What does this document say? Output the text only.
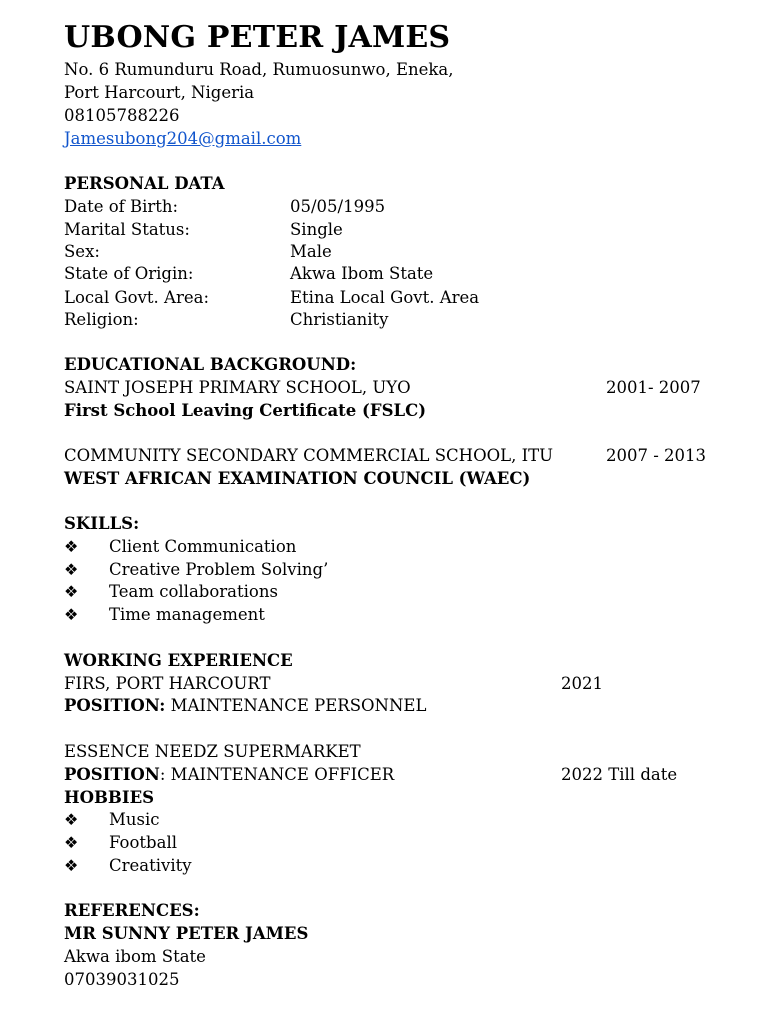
UBONG PETER JAMES
No. 6 Rumunduru Road, Rumuosunwo, Eneka,
Port Harcourt, Nigeria
08105788226
Jamesubong204@gmail.com
PERSONAL DATA
Date of Birth:	05/05/1995
Marital Status:	Single
Sex:	Male
State of Origin:	Akwa Ibom State
Local Govt. Area:	Etina Local Govt. Area
Religion:	Christianity
EDUCATIONAL BACKGROUND:
SAINT JOSEPH PRIMARY SCHOOL, UYO	2001- 2007
First School Leaving Certificate (FSLC)
COMMUNITY SECONDARY COMMERCIAL SCHOOL, ITU	2007 - 2013
WEST AFRICAN EXAMINATION COUNCIL (WAEC)
SKILLS:
❖ Client Communication
❖ Creative Problem Solving’
❖ Team collaborations
❖ Time management
WORKING EXPERIENCE
FIRS, PORT HARCOURT	2021
POSITION: MAINTENANCE PERSONNEL
ESSENCE NEEDZ SUPERMARKET
POSITION: MAINTENANCE OFFICER	2022 Till date
HOBBIES
❖ Music
❖ Football
❖ Creativity
REFERENCES:
MR SUNNY PETER JAMES
Akwa ibom State
07039031025
